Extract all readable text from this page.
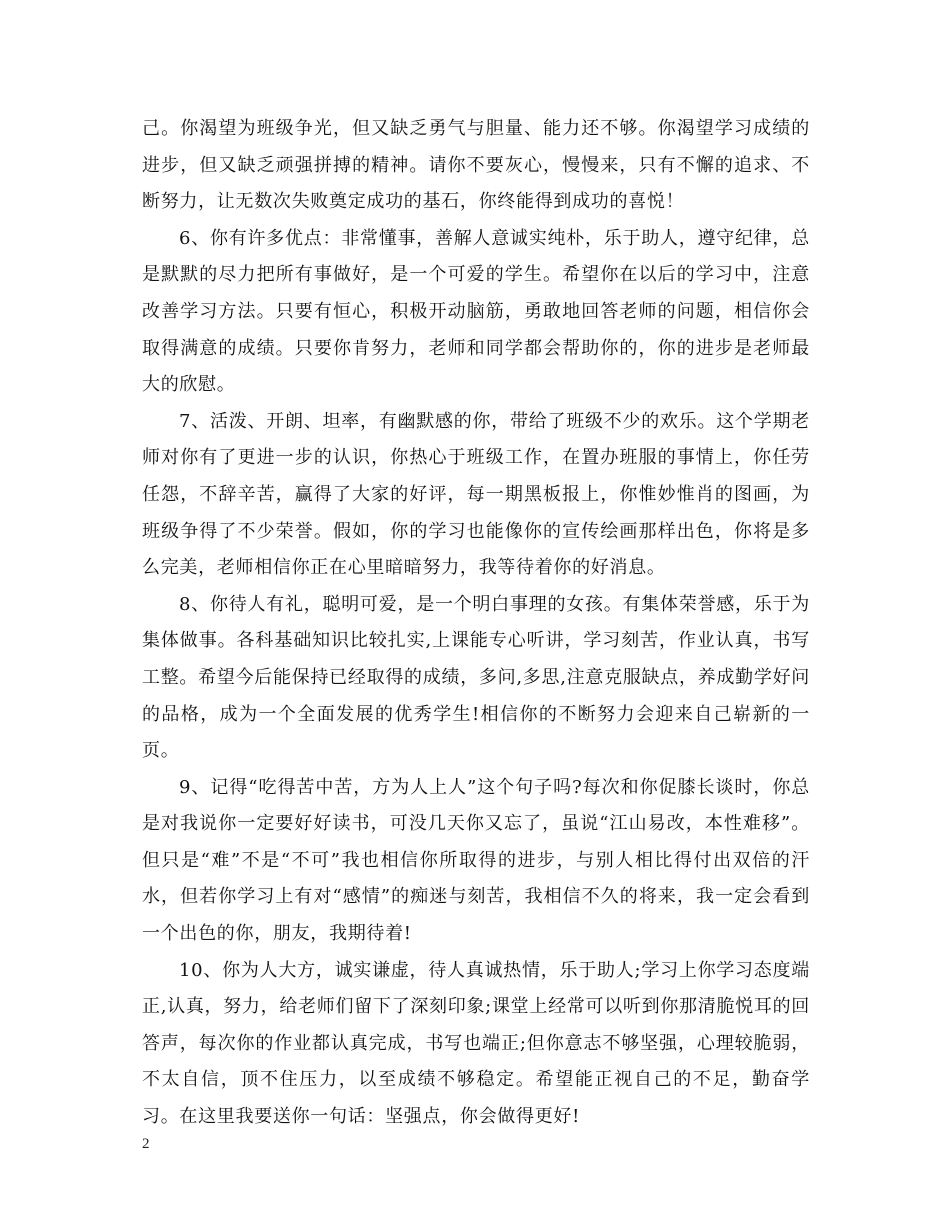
己。你渴望为班级争光，但又缺乏勇气与胆量、能力还不够。你渴望学习成绩的进步，但又缺乏顽强拼搏的精神。请你不要灰心，慢慢来，只有不懈的追求、不断努力，让无数次失败奠定成功的基石，你终能得到成功的喜悦！

6、你有许多优点：非常懂事，善解人意诚实纯朴，乐于助人，遵守纪律，总是默默的尽力把所有事做好，是一个可爱的学生。希望你在以后的学习中，注意改善学习方法。只要有恒心，积极开动脑筋，勇敢地回答老师的问题，相信你会取得满意的成绩。只要你肯努力，老师和同学都会帮助你的，你的进步是老师最大的欣慰。

7、活泼、开朗、坦率，有幽默感的你，带给了班级不少的欢乐。这个学期老师对你有了更进一步的认识，你热心于班级工作，在置办班服的事情上，你任劳任怨，不辞辛苦，赢得了大家的好评，每一期黑板报上，你惟妙惟肖的图画，为班级争得了不少荣誉。假如，你的学习也能像你的宣传绘画那样出色，你将是多么完美，老师相信你正在心里暗暗努力，我等待着你的好消息。

8、你待人有礼，聪明可爱，是一个明白事理的女孩。有集体荣誉感，乐于为集体做事。各科基础知识比较扎实,上课能专心听讲，学习刻苦，作业认真，书写工整。希望今后能保持已经取得的成绩，多问,多思,注意克服缺点，养成勤学好问的品格，成为一个全面发展的优秀学生!相信你的不断努力会迎来自己崭新的一页。

9、记得“吃得苦中苦，方为人上人”这个句子吗?每次和你促膝长谈时，你总是对我说你一定要好好读书，可没几天你又忘了，虽说“江山易改，本性难移”。但只是“难”不是“不可”我也相信你所取得的进步，与别人相比得付出双倍的汗水，但若你学习上有对“感情”的痴迷与刻苦，我相信不久的将来，我一定会看到一个出色的你，朋友，我期待着!

10、你为人大方，诚实谦虚，待人真诚热情，乐于助人;学习上你学习态度端正,认真，努力，给老师们留下了深刻印象;课堂上经常可以听到你那清脆悦耳的回答声，每次你的作业都认真完成，书写也端正;但你意志不够坚强，心理较脆弱，不太自信，顶不住压力，以至成绩不够稳定。希望能正视自己的不足，勤奋学习。在这里我要送你一句话：坚强点，你会做得更好!

2
